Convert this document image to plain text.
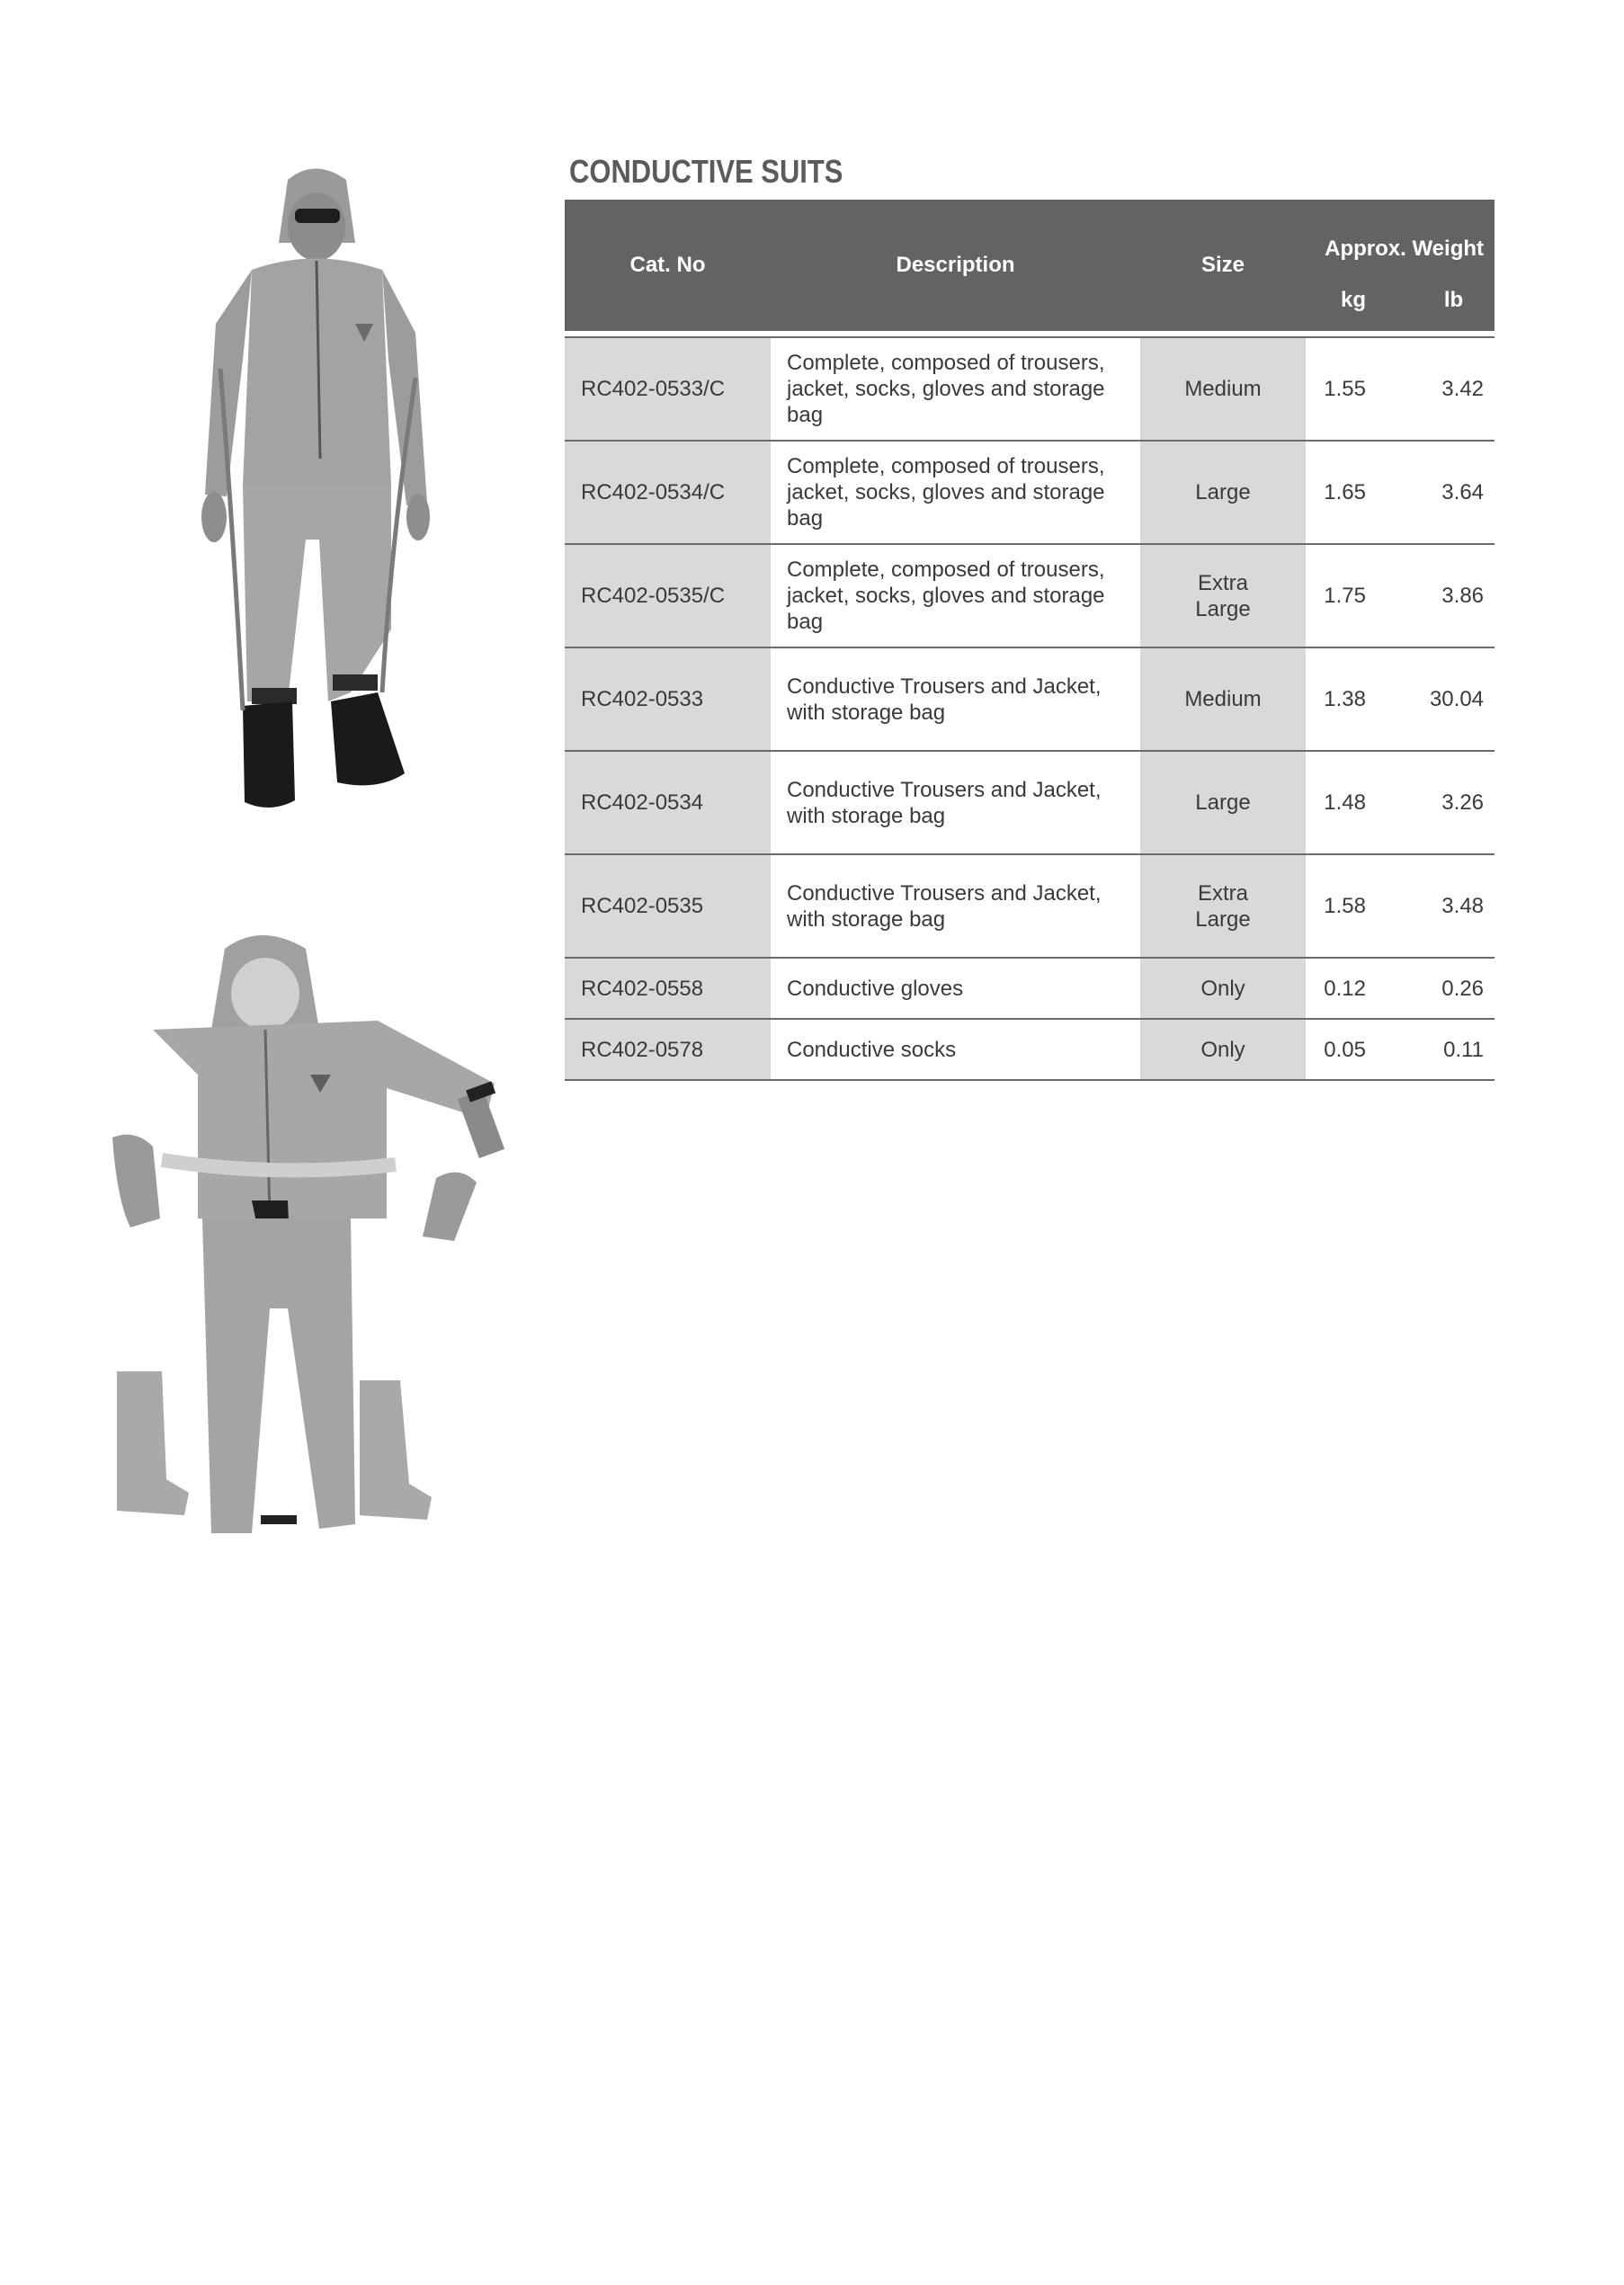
CONDUCTIVE SUITS
Cat. No	Description	Size	Approx. Weight	
			kg	lb

RC402-0533/C	Complete, composed of trousers, jacket, socks, gloves and storage bag	Medium	1.55	3.42
RC402-0534/C	Complete, composed of trousers, jacket, socks, gloves and storage bag	Large	1.65	3.64
RC402-0535/C	Complete, composed of trousers, jacket, socks, gloves and storage bag	Extra Large	1.75	3.86
RC402-0533	Conductive Trousers and Jacket, with storage bag	Medium	1.38	30.04
RC402-0534	Conductive Trousers and Jacket, with storage bag	Large	1.48	3.26
RC402-0535	Conductive Trousers and Jacket, with storage bag	Extra Large	1.58	3.48
RC402-0558	Conductive gloves	Only	0.12	0.26
RC402-0578	Conductive socks	Only	0.05	0.11
